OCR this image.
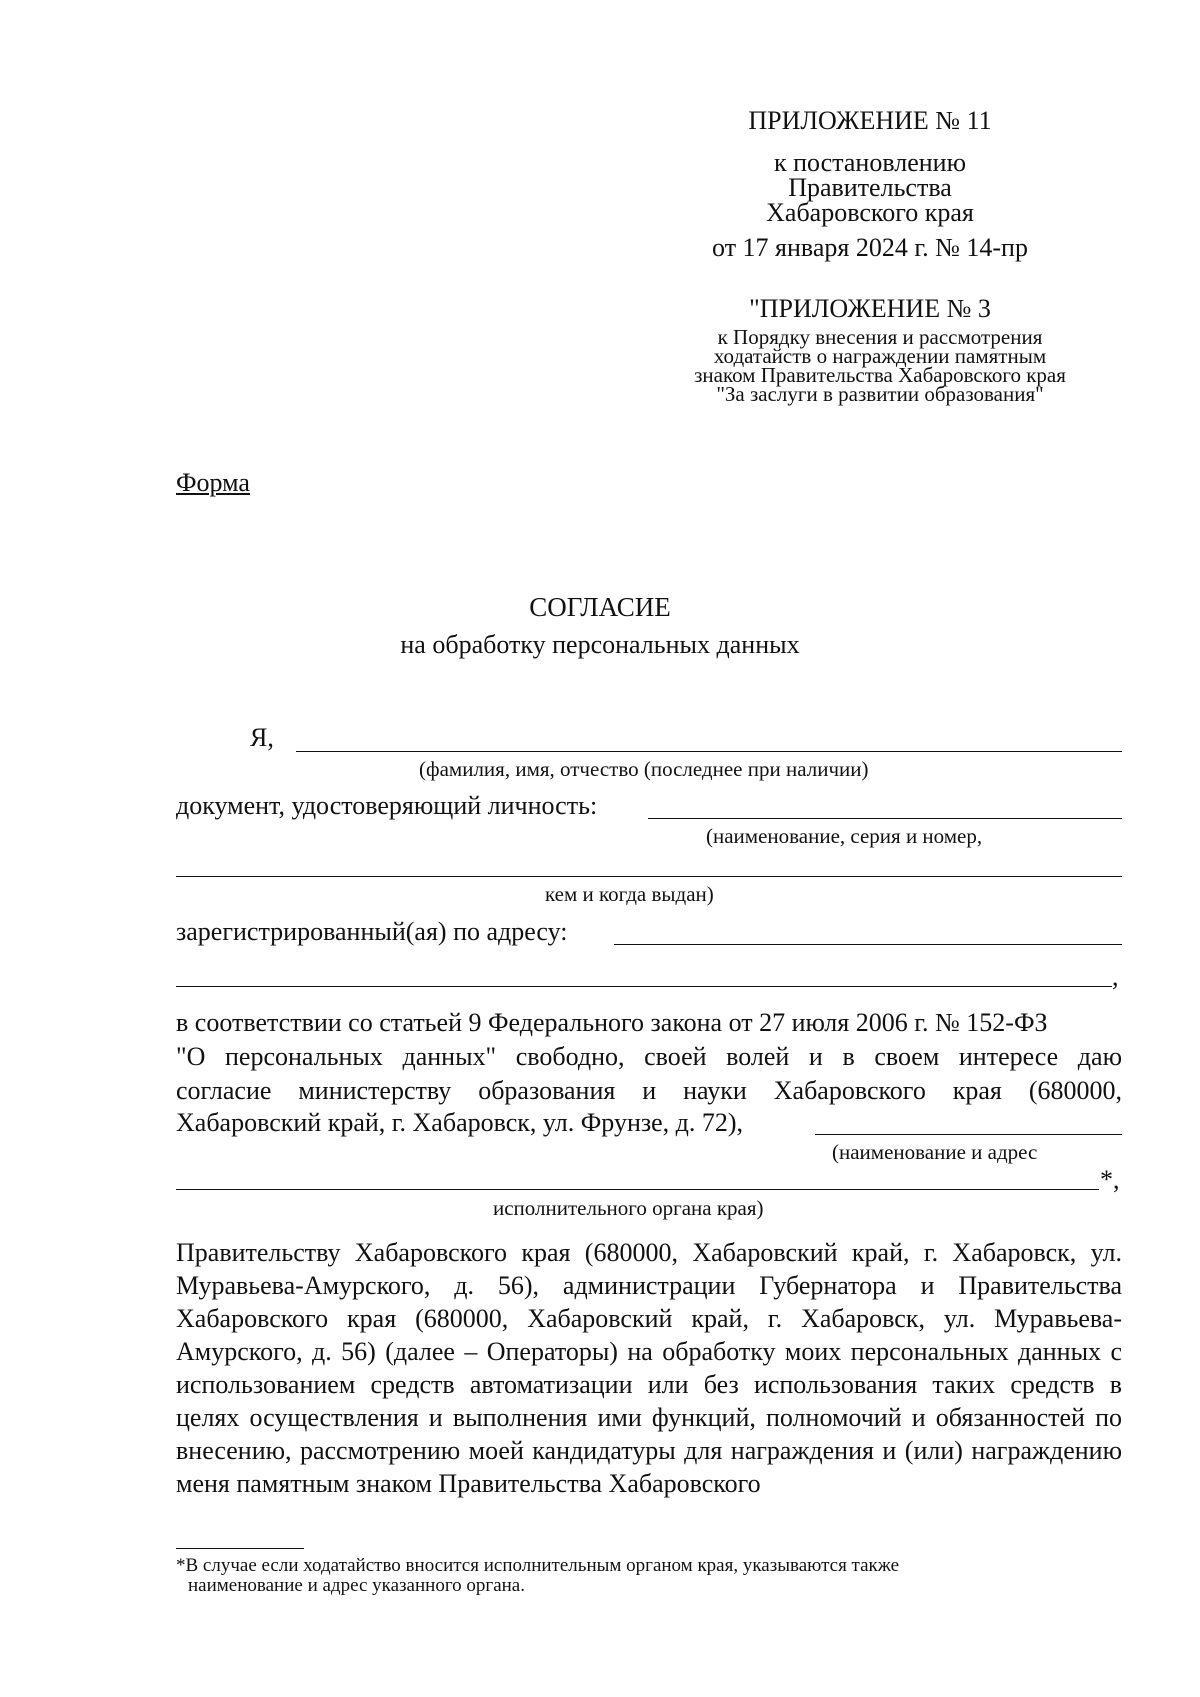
ПРИЛОЖЕНИЕ № 11
к постановлению
Правительства
Хабаровского края
от 17 января 2024 г. № 14-пр
"ПРИЛОЖЕНИЕ № 3
к Порядку внесения и рассмотрения
ходатайств о награждении памятным
знаком Правительства Хабаровского края
"За заслуги в развитии образования"
Форма
СОГЛАСИЕ
на обработку персональных данных
Я,
(фамилия, имя, отчество (последнее при наличии)
документ, удостоверяющий личность:
(наименование, серия и номер,
кем и когда выдан)
зарегистрированный(ая) по адресу:
,
в соответствии со статьей 9 Федерального закона от 27 июля 2006 г. № 152-ФЗ
"О персональных данных" свободно, своей волей и в своем интересе даю
согласие министерству образования и науки Хабаровского края (680000,
Хабаровский край, г. Хабаровск, ул. Фрунзе, д. 72),
(наименование и адрес
*,
исполнительного органа края)

Правительству Хабаровского края (680000, Хабаровский край, г. Хабаровск, ул. Муравьева-Амурского, д. 56), администрации Губернатора и Правительства Хабаровского края (680000, Хабаровский край, г. Хабаровск, ул. Муравьева-Амурского, д. 56) (далее – Операторы) на обработку моих персональных данных с использованием средств автоматизации или без использования таких средств в целях осуществления и выполнения ими функций, полномочий и обязанностей по внесению, рассмотрению моей кандидатуры для награждения и (или) награждению меня памятным знаком Правительства Хабаровского

*В случае если ходатайство вносится исполнительным органом края, указываются также
наименование и адрес указанного органа.
